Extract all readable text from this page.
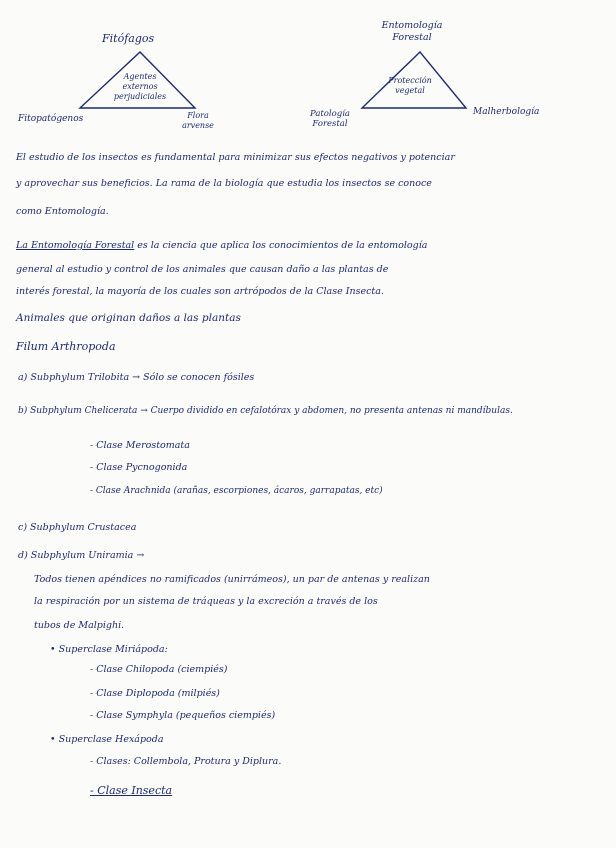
Fitófagos
Fitopatógenos	Flora arvense
Agentes
externos
perjudiciales
Entomología Forestal
Patología Forestal
Malherbología
Protección
vegetal
El estudio de los insectos es fundamental para minimizar sus efectos negativos y potenciar
y aprovechar sus beneficios. La rama de la biología que estudia los insectos se conoce
como Entomología.
La Entomología Forestal es la ciencia que aplica los conocimientos de la entomología
general al estudio y control de los animales que causan daño a las plantas de
interés forestal, la mayoría de los cuales son artrópodos de la Clase Insecta.
Animales que originan daños a las plantas
Filum Arthropoda
a) Subphylum Trilobita → Sólo se conocen fósiles
b) Subphylum Chelicerata → Cuerpo dividido en cefalotórax y abdomen, no presenta antenas ni mandíbulas.
- Clase Merostomata
- Clase Pycnogonida
- Clase Arachnida (arañas, escorpiones, ácaros, garrapatas, etc)
c) Subphylum Crustacea
d) Subphylum Uniramia →
Todos tienen apéndices no ramificados (unirrámeos), un par de antenas y realizan
la respiración por un sistema de tráqueas y la excreción a través de los
tubos de Malpighi.
• Superclase Miriápoda:
- Clase Chilopoda (ciempiés)
- Clase Diplopoda (milpiés)
- Clase Symphyla (pequeños ciempiés)
• Superclase Hexápoda
- Clases: Collembola, Protura y Diplura.
- Clase Insecta
